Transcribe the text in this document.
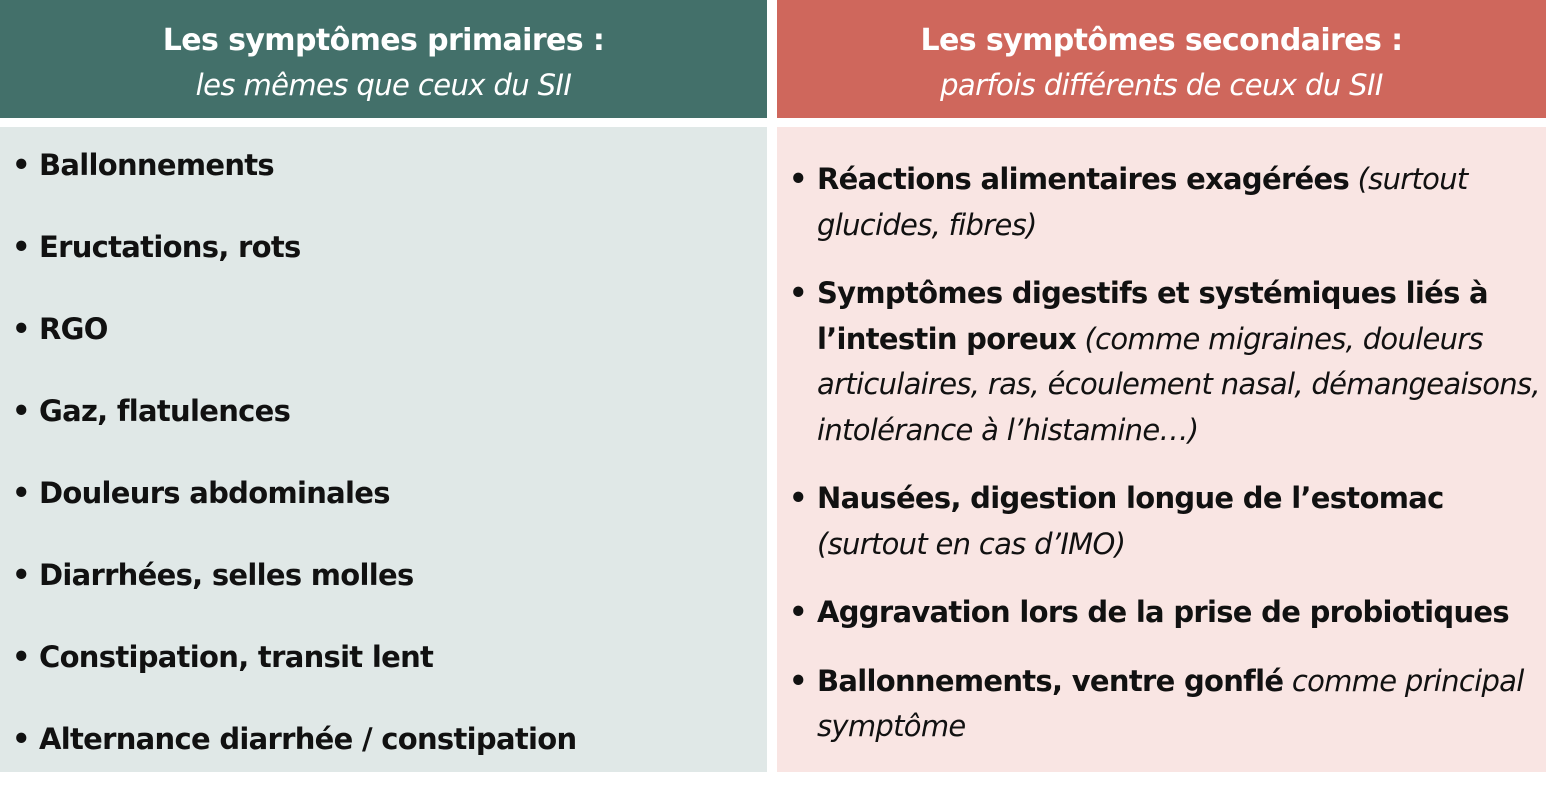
Les symptômes primaires :
les mêmes que ceux du SII
Les symptômes secondaires :
parfois différents de ceux du SII
• Ballonnements
• Eructations, rots
• RGO
• Gaz, flatulences
• Douleurs abdominales
• Diarrhées, selles molles
• Constipation, transit lent
• Alternance diarrhée / constipation
• Réactions alimentaires exagérées (surtout glucides, fibres)
• Symptômes digestifs et systémiques liés à l’intestin poreux (comme migraines, douleurs articulaires, ras, écoulement nasal, démangeaisons, intolérance à l’histamine…)
• Nausées, digestion longue de l’estomac (surtout en cas d’IMO)
• Aggravation lors de la prise de probiotiques
• Ballonnements, ventre gonflé comme principal symptôme
